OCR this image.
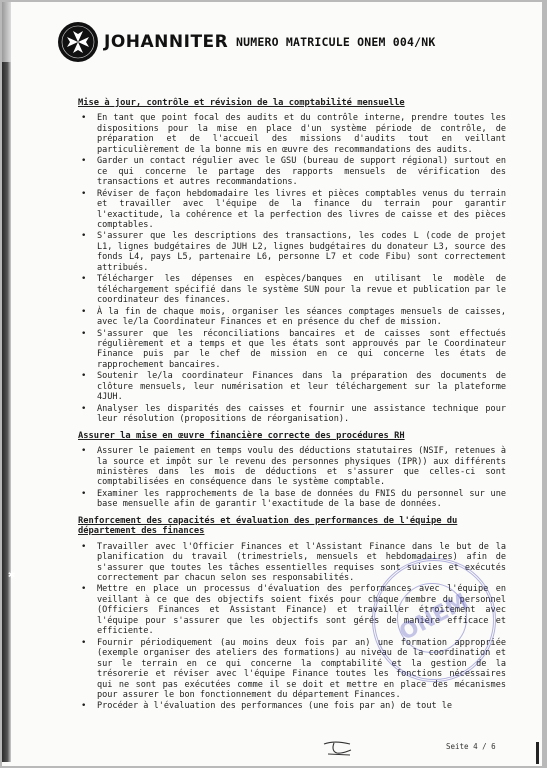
✱
JOHANNITER NUMERO MATRICULE ONEM 004/NK
Mise à jour, contrôle et révision de la comptabilité mensuelle
• En tant que point focal des audits et du contrôle interne, prendre toutes les dispositions pour la mise en place d'un système période de contrôle, de préparation et de l'accueil des missions d'audits tout en veillant particulièrement de la bonne mis en œuvre des recommandations des audits.
• Garder un contact régulier avec le GSU (bureau de support régional) surtout en ce qui concerne le partage des rapports mensuels de vérification des transactions et autres recommandations.
• Réviser de façon hebdomadaire les livres et pièces comptables venus du terrain et travailler avec l'équipe de la finance du terrain pour garantir l'exactitude, la cohérence et la perfection des livres de caisse et des pièces comptables.
• S'assurer que les descriptions des transactions, les codes L (code de projet L1, lignes budgétaires de JUH L2, lignes budgétaires du donateur L3, source des fonds L4, pays L5, partenaire L6, personne L7 et code Fibu) sont correctement attribués.
• Télécharger les dépenses en espèces/banques en utilisant le modèle de téléchargement spécifié dans le système SUN pour la revue et publication par le coordinateur des finances.
• À la fin de chaque mois, organiser les séances comptages mensuels de caisses, avec le/la Coordinateur Finances et en présence du chef de mission.
• S'assurer que les réconciliations bancaires et de caisses sont effectués régulièrement et a temps et que les états sont approuvés par le Coordinateur Finance puis par le chef de mission en ce qui concerne les états de rapprochement bancaires.
• Soutenir le/la coordinateur Finances dans la préparation des documents de clôture mensuels, leur numérisation et leur téléchargement sur la plateforme 4JUH.
• Analyser les disparités des caisses et fournir une assistance technique pour leur résolution (propositions de réorganisation).
Assurer la mise en œuvre financière correcte des procédures RH
• Assurer le paiement en temps voulu des déductions statutaires (NSIF, retenues à la source et impôt sur le revenu des personnes physiques (IPR)) aux différents ministères dans les mois de déductions et s'assurer que celles-ci sont comptabilisées en conséquence dans le système comptable.
• Examiner les rapprochements de la base de données du FNIS du personnel sur une base mensuelle afin de garantir l'exactitude de la base de données.
Renforcement des capacités et évaluation des performances de l'équipe du département des finances
• Travailler avec l'Officier Finances et l'Assistant Finance dans le but de la planification du travail (trimestriels, mensuels et hebdomadaires) afin de s'assurer que toutes les tâches essentielles requises sont suivies et exécutés correctement par chacun selon ses responsabilités.
• Mettre en place un processus d'évaluation des performances avec l'équipe en veillant à ce que des objectifs soient fixés pour chaque membre du personnel (Officiers Finances et Assistant Finance) et travailler étroitement avec l'équipe pour s'assurer que les objectifs sont gérés de manière efficace et efficiente.
• Fournir périodiquement (au moins deux fois par an) une formation appropriée (exemple organiser des ateliers des formations) au niveau de la coordination et sur le terrain en ce qui concerne la comptabilité et la gestion de la trésorerie et réviser avec l'équipe Finance toutes les fonctions nécessaires qui ne sont pas exécutées comme il se doit et mettre en place des mécanismes pour assurer le bon fonctionnement du département Finances.
• Procéder à l'évaluation des performances (une fois par an) de tout le
ONEM
Seite 4 / 6
